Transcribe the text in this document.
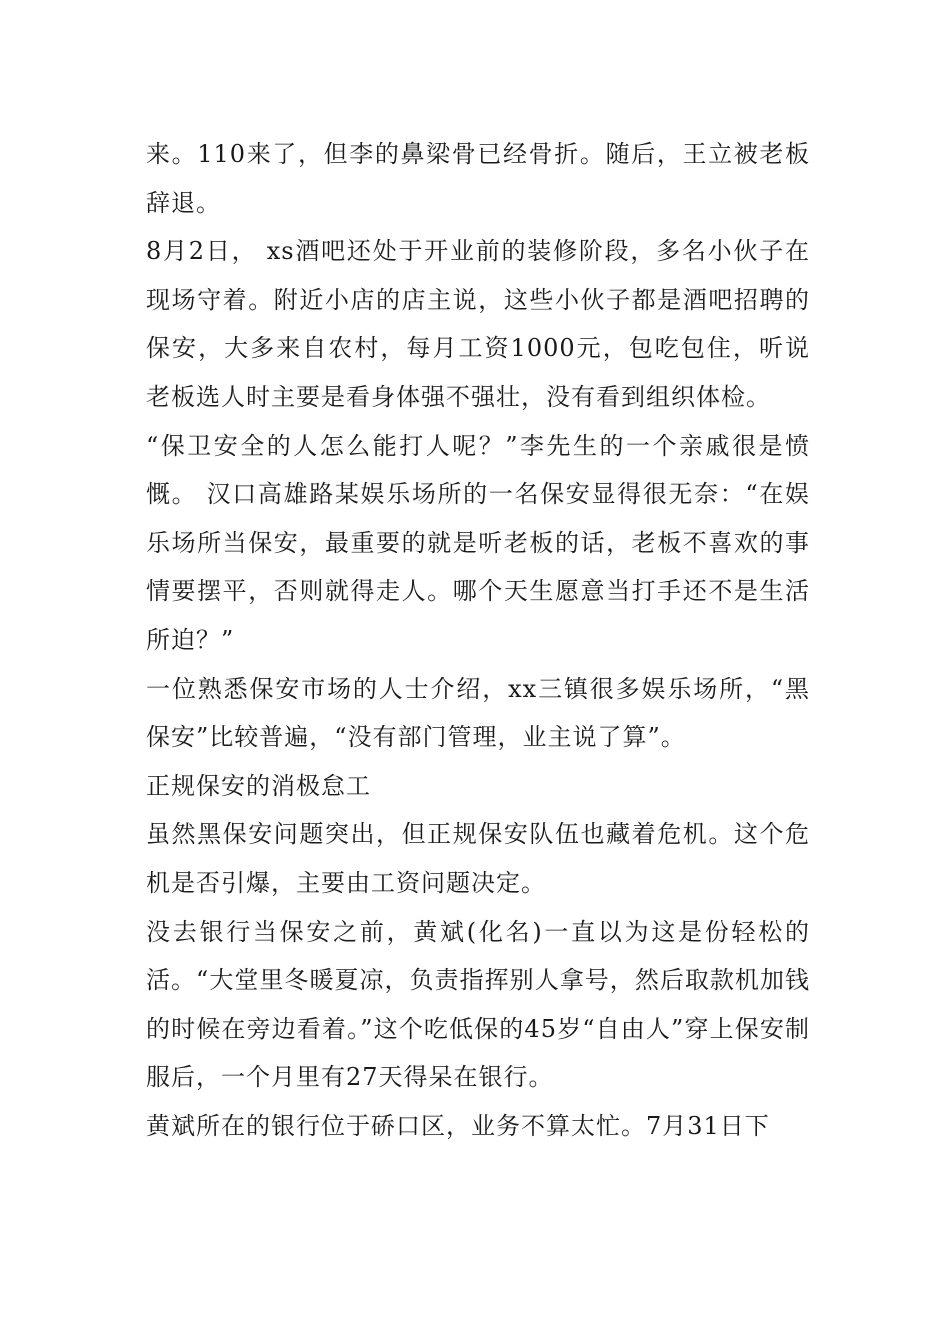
来。110来了，但李的鼻梁骨已经骨折。随后，王立被老板辞退。

8月2日， xs酒吧还处于开业前的装修阶段，多名小伙子在现场守着。附近小店的店主说，这些小伙子都是酒吧招聘的保安，大多来自农村，每月工资1000元，包吃包住，听说老板选人时主要是看身体强不强壮，没有看到组织体检。

“保卫安全的人怎么能打人呢？”李先生的一个亲戚很是愤慨。 汉口高雄路某娱乐场所的一名保安显得很无奈：“在娱乐场所当保安，最重要的就是听老板的话，老板不喜欢的事情要摆平，否则就得走人。哪个天生愿意当打手还不是生活所迫？”

一位熟悉保安市场的人士介绍，xx三镇很多娱乐场所，“黑保安”比较普遍，“没有部门管理，业主说了算”。

正规保安的消极怠工

虽然黑保安问题突出，但正规保安队伍也藏着危机。这个危机是否引爆，主要由工资问题决定。

没去银行当保安之前，黄斌(化名)一直以为这是份轻松的活。“大堂里冬暖夏凉，负责指挥别人拿号，然后取款机加钱的时候在旁边看着。”这个吃低保的45岁“自由人”穿上保安制服后，一个月里有27天得呆在银行。

黄斌所在的银行位于硚口区，业务不算太忙。7月31日下
